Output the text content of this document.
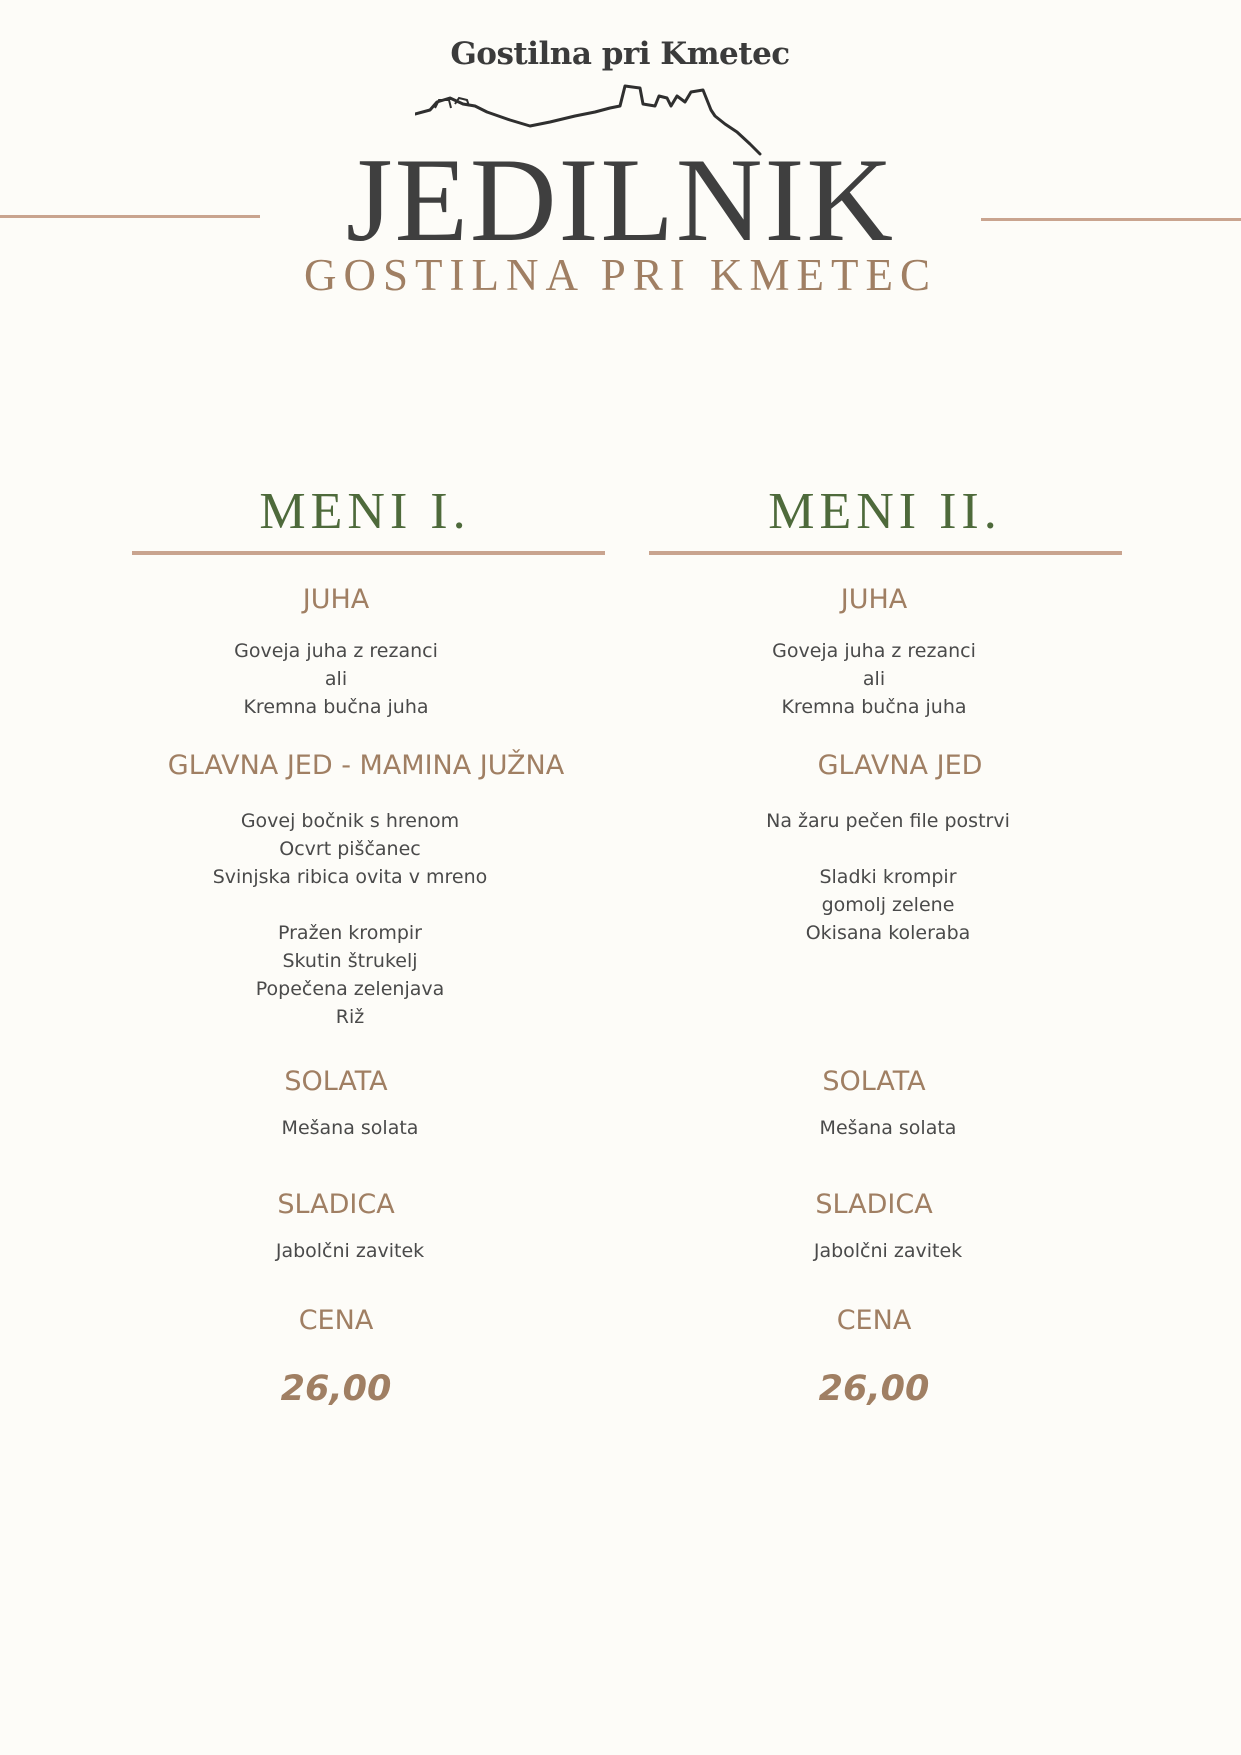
Gostilna pri Kmetec
JEDILNIK
GOSTILNA PRI KMETEC
MENI I.
JUHA
Goveja juha z rezanci
ali
Kremna bučna juha
GLAVNA JED - MAMINA JUŽNA
Govej bočnik s hrenom
Ocvrt piščanec
Svinjska ribica ovita v mreno
Pražen krompir
Skutin štrukelj
Popečena zelenjava
Riž
SOLATA
Mešana solata
SLADICA
Jabolčni zavitek
CENA
26,00
MENI II.
JUHA
Goveja juha z rezanci
ali
Kremna bučna juha
GLAVNA JED
Na žaru pečen file postrvi
Sladki krompir
gomolj zelene
Okisana koleraba
SOLATA
Mešana solata
SLADICA
Jabolčni zavitek
CENA
26,00
